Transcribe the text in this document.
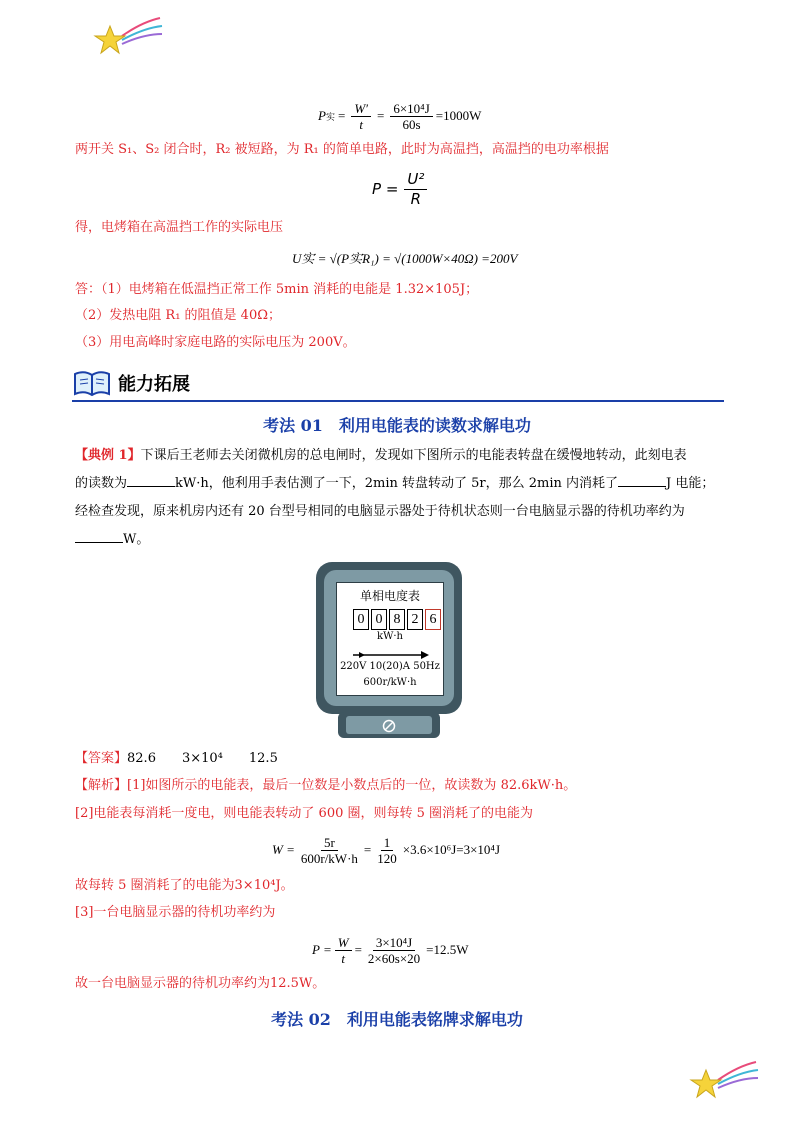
P 实 = $\frac{W'}{t} = \frac{\text{6×10⁴J}}{60s} =1000W$
两开关 S₁、S₂ 闭合时，R₂ 被短路，为 R₁ 的简单电路，此时为高温挡，高温挡的电功率根据
$P = \frac{\text{U²}}{R}$
得，电烤箱在高温挡工作的实际电压
U实 = √(P实R₁) = √(1000W×40Ω) =200V
答：（1）电烤箱在低温挡正常工作 5min 消耗的电能是 1.32×105J；
（2）发热电阻 R₁ 的阻值是 40Ω；
（3）用电高峰时家庭电路的实际电压为 200V。
能力拓展
考法 01　利用电能表的读数求解电功
【典例 1】下课后王老师去关闭微机房的总电闸时，发现如下图所示的电能表转盘在缓慢地转动，此刻电表
的读数为	kW·h，他利用手表估测了一下，2min 转盘转动了 5r，那么 2min 内消耗了	J 电能；
经检查发现，原来机房内还有 20 台型号相同的电脑显示器处于待机状态则一台电脑显示器的待机功率约为
W。
单相电度表
0 0 8 2 6
kW·h
220V 10(20)A 50Hz
600r/kW·h
【答案】82.6 3×10⁴ 12.5
【解析】[1]如图所示的电能表，最后一位数是小数点后的一位，故读数为 82.6kW·h。
[2]电能表每消耗一度电，则电能表转动了 600 圈，则每转 5 圈消耗了的电能为
$W = \frac{5r}{600r/kW\cdot h} = \frac{1}{120} \times 3.6\times 10^6J=3\times 10^4J$
故每转 5 圈消耗了的电能为3×10⁴J。
[3]一台电脑显示器的待机功率约为
$P = \frac{W}{t} = \frac{\text{3×10⁴J}}{2\times 60s\times 20} =12.5W$
故一台电脑显示器的待机功率约为12.5W。
考法 02　利用电能表铭牌求解电功
